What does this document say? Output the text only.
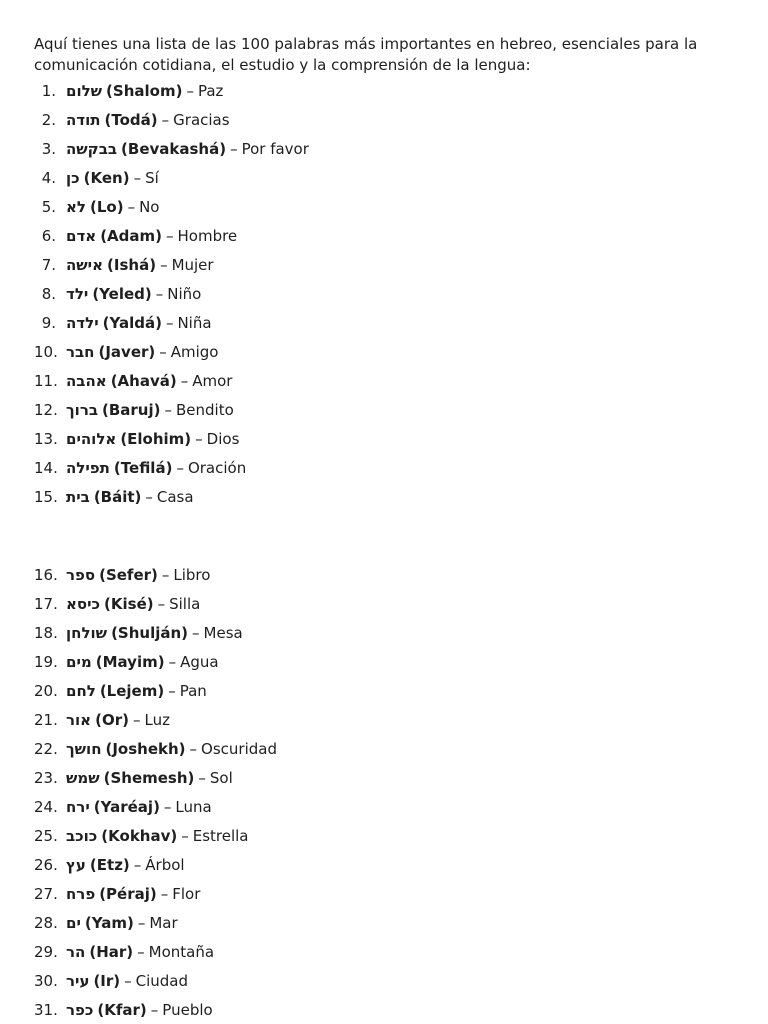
Aquí tienes una lista de las 100 palabras más importantes en hebreo, esenciales para la comunicación cotidiana, el estudio y la comprensión de la lengua:

1. שלום (Shalom) – Paz
2. תודה (Todá) – Gracias
3. בבקשה (Bevakashá) – Por favor
4. כן (Ken) – Sí
5. לא (Lo) – No
6. אדם (Adam) – Hombre
7. אישה (Ishá) – Mujer
8. ילד (Yeled) – Niño
9. ילדה (Yaldá) – Niña
10. חבר (Javer) – Amigo
11. אהבה (Ahavá) – Amor
12. ברוך (Baruj) – Bendito
13. אלוהים (Elohim) – Dios
14. תפילה (Tefilá) – Oración
15. בית (Báit) – Casa
16. ספר (Sefer) – Libro
17. כיסא (Kisé) – Silla
18. שולחן (Shulján) – Mesa
19. מים (Mayim) – Agua
20. לחם (Lejem) – Pan
21. אור (Or) – Luz
22. חושך (Joshekh) – Oscuridad
23. שמש (Shemesh) – Sol
24. ירח (Yaréaj) – Luna
25. כוכב (Kokhav) – Estrella
26. עץ (Etz) – Árbol
27. פרח (Péraj) – Flor
28. ים (Yam) – Mar
29. הר (Har) – Montaña
30. עיר (Ir) – Ciudad
31. כפר (Kfar) – Pueblo
